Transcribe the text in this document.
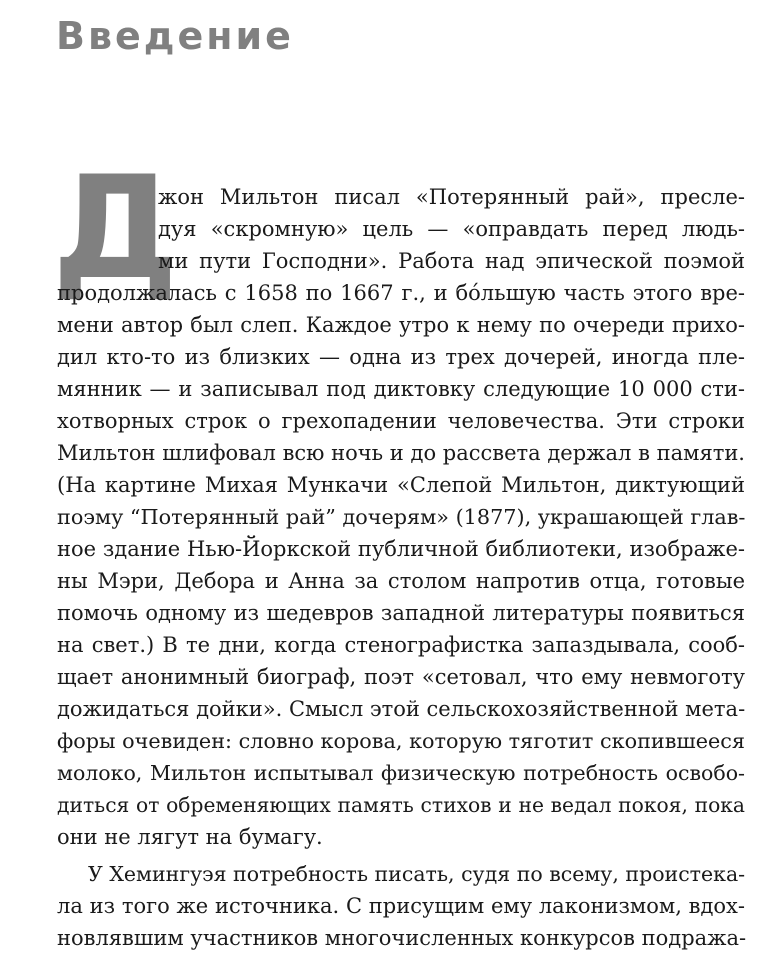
Введение
Д
жон Мильтон писал «Потерянный рай», пресле-
дуя «скромную» цель — «оправдать перед людь-
ми пути Господни». Работа над эпической поэмой
продолжалась с 1658 по 1667 г., и бóльшую часть этого вре-
мени автор был слеп. Каждое утро к нему по очереди прихо-
дил кто-то из близких — одна из трех дочерей, иногда пле-
мянник — и записывал под диктовку следующие 10 000 сти-
хотворных строк о грехопадении человечества. Эти строки
Мильтон шлифовал всю ночь и до рассвета держал в памяти.
(На картине Михая Мункачи «Слепой Мильтон, диктующий
поэму “Потерянный рай” дочерям» (1877), украшающей глав-
ное здание Нью-Йоркской публичной библиотеки, изображе-
ны Мэри, Дебора и Анна за столом напротив отца, готовые
помочь одному из шедевров западной литературы появиться
на свет.) В те дни, когда стенографистка запаздывала, сооб-
щает анонимный биограф, поэт «сетовал, что ему невмоготу
дожидаться дойки». Смысл этой сельскохозяйственной мета-
форы очевиден: словно корова, которую тяготит скопившееся
молоко, Мильтон испытывал физическую потребность освобо-
диться от обременяющих память стихов и не ведал покоя, пока
они не лягут на бумагу.
У Хемингуэя потребность писать, судя по всему, проистека-
ла из того же источника. С присущим ему лаконизмом, вдох-
новлявшим участников многочисленных конкурсов подража-
